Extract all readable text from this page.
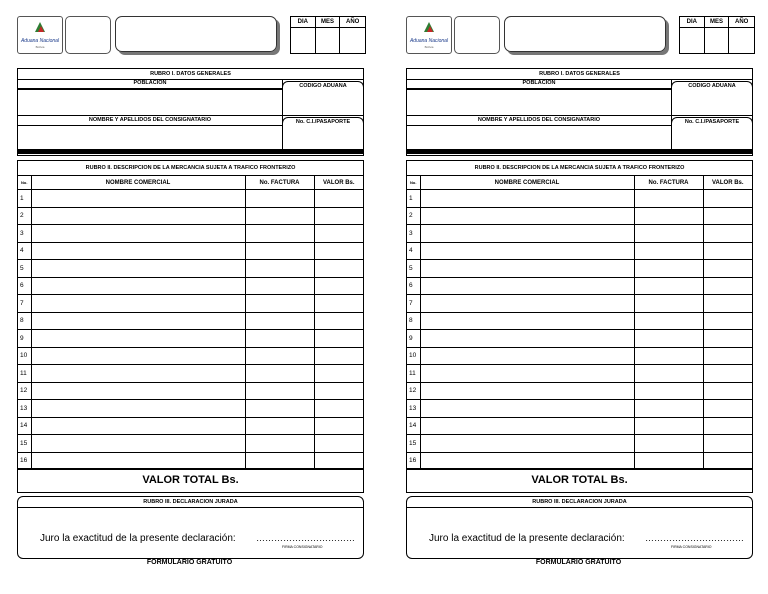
Aduana Nacional
Bolivia
DIA	MES	AÑO
RUBRO I. DATOS GENERALES
POBLACION	CODIGO ADUANA
NOMBRE Y APELLIDOS DEL CONSIGNATARIO	No. C.I./PASAPORTE
RUBRO II. DESCRIPCION DE LA MERCANCIA SUJETA A TRAFICO FRONTERIZO
No.	NOMBRE COMERCIAL	No. FACTURA	VALOR Bs.
1			
2			
3			
4			
5			
6			
7			
8			
9			
10			
11			
12			
13			
14			
15			
16			
VALOR TOTAL Bs.
RUBRO III. DECLARACION JURADA
Juro la exactitud de la presente declaración: ……………………………
FIRMA CONSIGNATARIO
FORMULARIO GRATUITO
Aduana Nacional
Bolivia
DIA	MES	AÑO
RUBRO I. DATOS GENERALES
POBLACION	CODIGO ADUANA
NOMBRE Y APELLIDOS DEL CONSIGNATARIO	No. C.I./PASAPORTE
RUBRO II. DESCRIPCION DE LA MERCANCIA SUJETA A TRAFICO FRONTERIZO
No.	NOMBRE COMERCIAL	No. FACTURA	VALOR Bs.
1			
2			
3			
4			
5			
6			
7			
8			
9			
10			
11			
12			
13			
14			
15			
16			
VALOR TOTAL Bs.
RUBRO III. DECLARACION JURADA
Juro la exactitud de la presente declaración: ……………………………
FIRMA CONSIGNATARIO
FORMULARIO GRATUITO
